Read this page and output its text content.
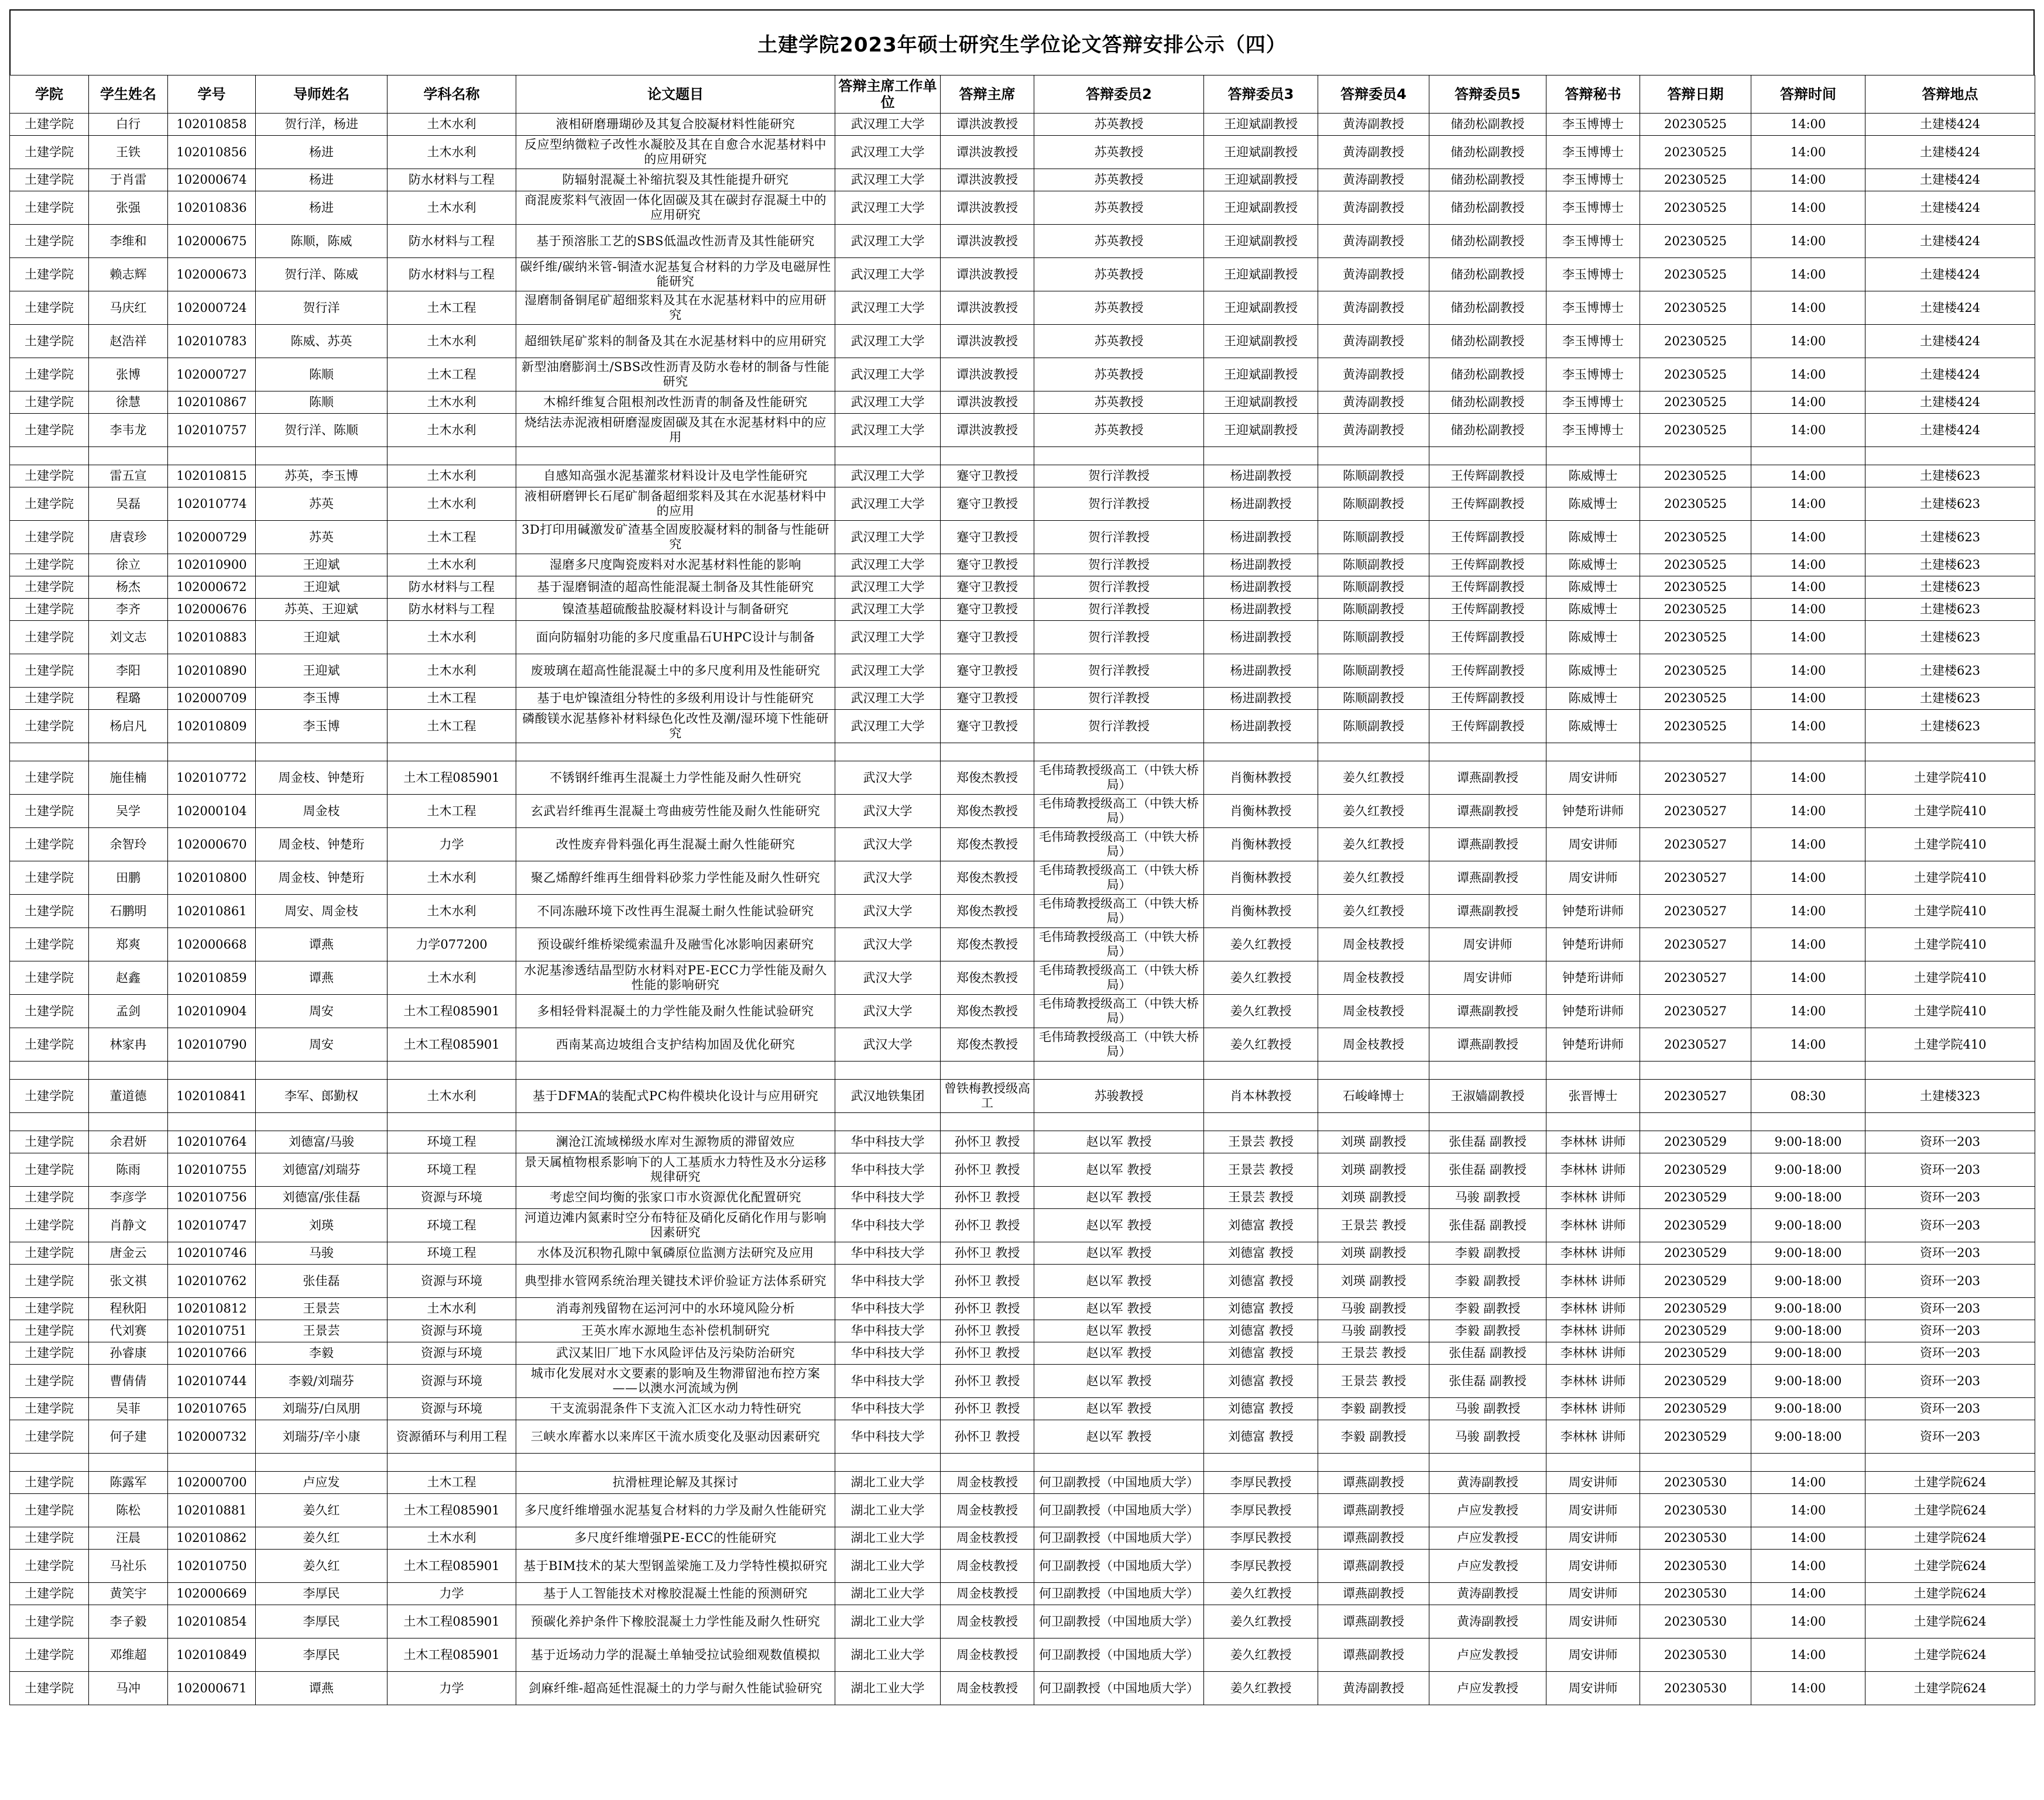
土建学院2023年硕士研究生学位论文答辩安排公示（四）
学院	学生姓名	学号	导师姓名	学科名称	论文题目	答辩主席工作单位	答辩主席	答辩委员2	答辩委员3	答辩委员4	答辩委员5	答辩秘书	答辩日期	答辩时间	答辩地点
土建学院	白行	102010858	贺行洋，杨进	土木水利	液相研磨珊瑚砂及其复合胶凝材料性能研究	武汉理工大学	谭洪波教授	苏英教授	王迎斌副教授	黄涛副教授	储劲松副教授	李玉博博士	20230525	14:00	土建楼424
土建学院	王铁	102010856	杨进	土木水利	反应型纳微粒子改性水凝胶及其在自愈合水泥基材料中的应用研究	武汉理工大学	谭洪波教授	苏英教授	王迎斌副教授	黄涛副教授	储劲松副教授	李玉博博士	20230525	14:00	土建楼424
土建学院	于肖雷	102000674	杨进	防水材料与工程	防辐射混凝土补缩抗裂及其性能提升研究	武汉理工大学	谭洪波教授	苏英教授	王迎斌副教授	黄涛副教授	储劲松副教授	李玉博博士	20230525	14:00	土建楼424
土建学院	张强	102010836	杨进	土木水利	商混废浆料气液固一体化固碳及其在碳封存混凝土中的应用研究	武汉理工大学	谭洪波教授	苏英教授	王迎斌副教授	黄涛副教授	储劲松副教授	李玉博博士	20230525	14:00	土建楼424
土建学院	李维和	102000675	陈顺，陈威	防水材料与工程	基于预溶胀工艺的SBS低温改性沥青及其性能研究	武汉理工大学	谭洪波教授	苏英教授	王迎斌副教授	黄涛副教授	储劲松副教授	李玉博博士	20230525	14:00	土建楼424
土建学院	赖志辉	102000673	贺行洋、陈威	防水材料与工程	碳纤维/碳纳米管-铜渣水泥基复合材料的力学及电磁屏性能研究	武汉理工大学	谭洪波教授	苏英教授	王迎斌副教授	黄涛副教授	储劲松副教授	李玉博博士	20230525	14:00	土建楼424
土建学院	马庆红	102000724	贺行洋	土木工程	湿磨制备铜尾矿超细浆料及其在水泥基材料中的应用研究	武汉理工大学	谭洪波教授	苏英教授	王迎斌副教授	黄涛副教授	储劲松副教授	李玉博博士	20230525	14:00	土建楼424
土建学院	赵浩祥	102010783	陈威、苏英	土木水利	超细铁尾矿浆料的制备及其在水泥基材料中的应用研究	武汉理工大学	谭洪波教授	苏英教授	王迎斌副教授	黄涛副教授	储劲松副教授	李玉博博士	20230525	14:00	土建楼424
土建学院	张博	102000727	陈顺	土木工程	新型油磨膨润土/SBS改性沥青及防水卷材的制备与性能研究	武汉理工大学	谭洪波教授	苏英教授	王迎斌副教授	黄涛副教授	储劲松副教授	李玉博博士	20230525	14:00	土建楼424
土建学院	徐慧	102010867	陈顺	土木水利	木棉纤维复合阻根剂改性沥青的制备及性能研究	武汉理工大学	谭洪波教授	苏英教授	王迎斌副教授	黄涛副教授	储劲松副教授	李玉博博士	20230525	14:00	土建楼424
土建学院	李韦龙	102010757	贺行洋、陈顺	土木水利	烧结法赤泥液相研磨湿废固碳及其在水泥基材料中的应用	武汉理工大学	谭洪波教授	苏英教授	王迎斌副教授	黄涛副教授	储劲松副教授	李玉博博士	20230525	14:00	土建楼424

土建学院	雷五宣	102010815	苏英，李玉博	土木水利	自感知高强水泥基灌浆材料设计及电学性能研究	武汉理工大学	蹇守卫教授	贺行洋教授	杨进副教授	陈顺副教授	王传辉副教授	陈威博士	20230525	14:00	土建楼623
土建学院	吴磊	102010774	苏英	土木水利	液相研磨钾长石尾矿制备超细浆料及其在水泥基材料中的应用	武汉理工大学	蹇守卫教授	贺行洋教授	杨进副教授	陈顺副教授	王传辉副教授	陈威博士	20230525	14:00	土建楼623
土建学院	唐袁珍	102000729	苏英	土木工程	3D打印用碱激发矿渣基全固废胶凝材料的制备与性能研究	武汉理工大学	蹇守卫教授	贺行洋教授	杨进副教授	陈顺副教授	王传辉副教授	陈威博士	20230525	14:00	土建楼623
土建学院	徐立	102010900	王迎斌	土木水利	湿磨多尺度陶瓷废料对水泥基材料性能的影响	武汉理工大学	蹇守卫教授	贺行洋教授	杨进副教授	陈顺副教授	王传辉副教授	陈威博士	20230525	14:00	土建楼623
土建学院	杨杰	102000672	王迎斌	防水材料与工程	基于湿磨铜渣的超高性能混凝土制备及其性能研究	武汉理工大学	蹇守卫教授	贺行洋教授	杨进副教授	陈顺副教授	王传辉副教授	陈威博士	20230525	14:00	土建楼623
土建学院	李齐	102000676	苏英、王迎斌	防水材料与工程	镍渣基超硫酸盐胶凝材料设计与制备研究	武汉理工大学	蹇守卫教授	贺行洋教授	杨进副教授	陈顺副教授	王传辉副教授	陈威博士	20230525	14:00	土建楼623
土建学院	刘文志	102010883	王迎斌	土木水利	面向防辐射功能的多尺度重晶石UHPC设计与制备	武汉理工大学	蹇守卫教授	贺行洋教授	杨进副教授	陈顺副教授	王传辉副教授	陈威博士	20230525	14:00	土建楼623
土建学院	李阳	102010890	王迎斌	土木水利	废玻璃在超高性能混凝土中的多尺度利用及性能研究	武汉理工大学	蹇守卫教授	贺行洋教授	杨进副教授	陈顺副教授	王传辉副教授	陈威博士	20230525	14:00	土建楼623
土建学院	程璐	102000709	李玉博	土木工程	基于电炉镍渣组分特性的多级利用设计与性能研究	武汉理工大学	蹇守卫教授	贺行洋教授	杨进副教授	陈顺副教授	王传辉副教授	陈威博士	20230525	14:00	土建楼623
土建学院	杨启凡	102010809	李玉博	土木工程	磷酸镁水泥基修补材料绿色化改性及潮/湿环境下性能研究	武汉理工大学	蹇守卫教授	贺行洋教授	杨进副教授	陈顺副教授	王传辉副教授	陈威博士	20230525	14:00	土建楼623

土建学院	施佳楠	102010772	周金枝、钟楚珩	土木工程085901	不锈钢纤维再生混凝土力学性能及耐久性研究	武汉大学	郑俊杰教授	毛伟琦教授级高工（中铁大桥局）	肖衡林教授	姜久红教授	谭燕副教授	周安讲师	20230527	14:00	土建学院410
土建学院	吴学	102000104	周金枝	土木工程	玄武岩纤维再生混凝土弯曲疲劳性能及耐久性能研究	武汉大学	郑俊杰教授	毛伟琦教授级高工（中铁大桥局）	肖衡林教授	姜久红教授	谭燕副教授	钟楚珩讲师	20230527	14:00	土建学院410
土建学院	余智玲	102000670	周金枝、钟楚珩	力学	改性废弃骨料强化再生混凝土耐久性能研究	武汉大学	郑俊杰教授	毛伟琦教授级高工（中铁大桥局）	肖衡林教授	姜久红教授	谭燕副教授	周安讲师	20230527	14:00	土建学院410
土建学院	田鹏	102010800	周金枝、钟楚珩	土木水利	聚乙烯醇纤维再生细骨料砂浆力学性能及耐久性研究	武汉大学	郑俊杰教授	毛伟琦教授级高工（中铁大桥局）	肖衡林教授	姜久红教授	谭燕副教授	周安讲师	20230527	14:00	土建学院410
土建学院	石鹏明	102010861	周安、周金枝	土木水利	不同冻融环境下改性再生混凝土耐久性能试验研究	武汉大学	郑俊杰教授	毛伟琦教授级高工（中铁大桥局）	肖衡林教授	姜久红教授	谭燕副教授	钟楚珩讲师	20230527	14:00	土建学院410
土建学院	郑爽	102000668	谭燕	力学077200	预设碳纤维桥梁缆索温升及融雪化冰影响因素研究	武汉大学	郑俊杰教授	毛伟琦教授级高工（中铁大桥局）	姜久红教授	周金枝教授	周安讲师	钟楚珩讲师	20230527	14:00	土建学院410
土建学院	赵鑫	102010859	谭燕	土木水利	水泥基渗透结晶型防水材料对PE-ECC力学性能及耐久性能的影响研究	武汉大学	郑俊杰教授	毛伟琦教授级高工（中铁大桥局）	姜久红教授	周金枝教授	周安讲师	钟楚珩讲师	20230527	14:00	土建学院410
土建学院	孟剑	102010904	周安	土木工程085901	多相轻骨料混凝土的力学性能及耐久性能试验研究	武汉大学	郑俊杰教授	毛伟琦教授级高工（中铁大桥局）	姜久红教授	周金枝教授	谭燕副教授	钟楚珩讲师	20230527	14:00	土建学院410
土建学院	林家冉	102010790	周安	土木工程085901	西南某高边坡组合支护结构加固及优化研究	武汉大学	郑俊杰教授	毛伟琦教授级高工（中铁大桥局）	姜久红教授	周金枝教授	谭燕副教授	钟楚珩讲师	20230527	14:00	土建学院410

土建学院	董道德	102010841	李军、郎勤权	土木水利	基于DFMA的装配式PC构件模块化设计与应用研究	武汉地铁集团	曾铁梅教授级高工	苏骏教授	肖本林教授	石峻峰博士	王淑嫱副教授	张晋博士	20230527	08:30	土建楼323

土建学院	余君妍	102010764	刘德富/马骏	环境工程	澜沧江流域梯级水库对生源物质的滞留效应	华中科技大学	孙怀卫 教授	赵以军 教授	王景芸 教授	刘瑛 副教授	张佳磊 副教授	李林林 讲师	20230529	9:00-18:00	资环一203
土建学院	陈雨	102010755	刘德富/刘瑞芬	环境工程	景天属植物根系影响下的人工基质水力特性及水分运移规律研究	华中科技大学	孙怀卫 教授	赵以军 教授	王景芸 教授	刘瑛 副教授	张佳磊 副教授	李林林 讲师	20230529	9:00-18:00	资环一203
土建学院	李彦学	102010756	刘德富/张佳磊	资源与环境	考虑空间均衡的张家口市水资源优化配置研究	华中科技大学	孙怀卫 教授	赵以军 教授	王景芸 教授	刘瑛 副教授	马骏 副教授	李林林 讲师	20230529	9:00-18:00	资环一203
土建学院	肖静文	102010747	刘瑛	环境工程	河道边滩内氮素时空分布特征及硝化反硝化作用与影响因素研究	华中科技大学	孙怀卫 教授	赵以军 教授	刘德富 教授	王景芸 教授	张佳磊 副教授	李林林 讲师	20230529	9:00-18:00	资环一203
土建学院	唐金云	102010746	马骏	环境工程	水体及沉积物孔隙中氧磷原位监测方法研究及应用	华中科技大学	孙怀卫 教授	赵以军 教授	刘德富 教授	刘瑛 副教授	李毅 副教授	李林林 讲师	20230529	9:00-18:00	资环一203
土建学院	张文祺	102010762	张佳磊	资源与环境	典型排水管网系统治理关键技术评价验证方法体系研究	华中科技大学	孙怀卫 教授	赵以军 教授	刘德富 教授	刘瑛 副教授	李毅 副教授	李林林 讲师	20230529	9:00-18:00	资环一203
土建学院	程秋阳	102010812	王景芸	土木水利	消毒剂残留物在运河河中的水环境风险分析	华中科技大学	孙怀卫 教授	赵以军 教授	刘德富 教授	马骏 副教授	李毅 副教授	李林林 讲师	20230529	9:00-18:00	资环一203
土建学院	代刘赛	102010751	王景芸	资源与环境	王英水库水源地生态补偿机制研究	华中科技大学	孙怀卫 教授	赵以军 教授	刘德富 教授	马骏 副教授	李毅 副教授	李林林 讲师	20230529	9:00-18:00	资环一203
土建学院	孙睿康	102010766	李毅	资源与环境	武汉某旧厂地下水风险评估及污染防治研究	华中科技大学	孙怀卫 教授	赵以军 教授	刘德富 教授	王景芸 教授	张佳磊 副教授	李林林 讲师	20230529	9:00-18:00	资环一203
土建学院	曹倩倩	102010744	李毅/刘瑞芬	资源与环境	城市化发展对水文要素的影响及生物滞留池布控方案——以澳水河流域为例	华中科技大学	孙怀卫 教授	赵以军 教授	刘德富 教授	王景芸 教授	张佳磊 副教授	李林林 讲师	20230529	9:00-18:00	资环一203
土建学院	吴菲	102010765	刘瑞芬/白凤朋	资源与环境	干支流弱混条件下支流入汇区水动力特性研究	华中科技大学	孙怀卫 教授	赵以军 教授	刘德富 教授	李毅 副教授	马骏 副教授	李林林 讲师	20230529	9:00-18:00	资环一203
土建学院	何子建	102000732	刘瑞芬/辛小康	资源循环与利用工程	三峡水库蓄水以来库区干流水质变化及驱动因素研究	华中科技大学	孙怀卫 教授	赵以军 教授	刘德富 教授	李毅 副教授	马骏 副教授	李林林 讲师	20230529	9:00-18:00	资环一203

土建学院	陈露军	102000700	卢应发	土木工程	抗滑桩理论解及其探讨	湖北工业大学	周金枝教授	何卫副教授（中国地质大学）	李厚民教授	谭燕副教授	黄涛副教授	周安讲师	20230530	14:00	土建学院624
土建学院	陈松	102010881	姜久红	土木工程085901	多尺度纤维增强水泥基复合材料的力学及耐久性能研究	湖北工业大学	周金枝教授	何卫副教授（中国地质大学）	李厚民教授	谭燕副教授	卢应发教授	周安讲师	20230530	14:00	土建学院624
土建学院	汪晨	102010862	姜久红	土木水利	多尺度纤维增强PE-ECC的性能研究	湖北工业大学	周金枝教授	何卫副教授（中国地质大学）	李厚民教授	谭燕副教授	卢应发教授	周安讲师	20230530	14:00	土建学院624
土建学院	马社乐	102010750	姜久红	土木工程085901	基于BIM技术的某大型钢盖梁施工及力学特性模拟研究	湖北工业大学	周金枝教授	何卫副教授（中国地质大学）	李厚民教授	谭燕副教授	卢应发教授	周安讲师	20230530	14:00	土建学院624
土建学院	黄笑宇	102000669	李厚民	力学	基于人工智能技术对橡胶混凝土性能的预测研究	湖北工业大学	周金枝教授	何卫副教授（中国地质大学）	姜久红教授	谭燕副教授	黄涛副教授	周安讲师	20230530	14:00	土建学院624
土建学院	李子毅	102010854	李厚民	土木工程085901	预碳化养护条件下橡胶混凝土力学性能及耐久性研究	湖北工业大学	周金枝教授	何卫副教授（中国地质大学）	姜久红教授	谭燕副教授	黄涛副教授	周安讲师	20230530	14:00	土建学院624
土建学院	邓维超	102010849	李厚民	土木工程085901	基于近场动力学的混凝土单轴受拉试验细观数值模拟	湖北工业大学	周金枝教授	何卫副教授（中国地质大学）	姜久红教授	谭燕副教授	卢应发教授	周安讲师	20230530	14:00	土建学院624
土建学院	马冲	102000671	谭燕	力学	剑麻纤维-超高延性混凝土的力学与耐久性能试验研究	湖北工业大学	周金枝教授	何卫副教授（中国地质大学）	姜久红教授	黄涛副教授	卢应发教授	周安讲师	20230530	14:00	土建学院624
